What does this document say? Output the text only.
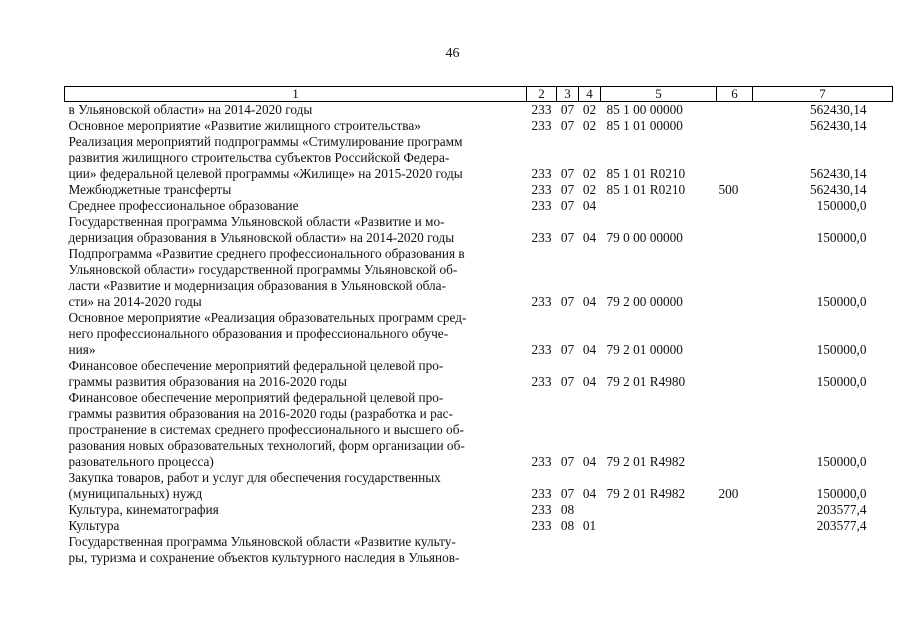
46
1	2	3	4	5	6	7

в Ульяновской области» на 2014-2020 годы	233	07	02	85 1 00 00000		562430,14

Основное мероприятие «Развитие жилищного строительства»	233	07	02	85 1 01 00000		562430,14

Реализация мероприятий подпрограммы «Стимулирование программ
развития жилищного строительства субъектов Российской Федера-
ции» федеральной целевой программы «Жилище» на 2015-2020 годы	233	07	02	85 1 01 R0210		562430,14

Межбюджетные трансферты	233	07	02	85 1 01 R0210	500	562430,14

Среднее профессиональное образование	233	07	04			150000,0

Государственная программа Ульяновской области «Развитие и мо-
дернизация образования в Ульяновской области» на 2014-2020 годы	233	07	04	79 0 00 00000		150000,0

Подпрограмма «Развитие среднего профессионального образования в
Ульяновской области» государственной программы Ульяновской об-
ласти «Развитие и модернизация образования в Ульяновской обла-
сти» на 2014-2020 годы	233	07	04	79 2 00 00000		150000,0

Основное мероприятие «Реализация образовательных программ сред-
него профессионального образования и профессионального обуче-
ния»	233	07	04	79 2 01 00000		150000,0

Финансовое обеспечение мероприятий федеральной целевой про-
граммы развития образования на 2016-2020 годы	233	07	04	79 2 01 R4980		150000,0

Финансовое обеспечение мероприятий федеральной целевой про-
граммы развития образования на 2016-2020 годы (разработка и рас-
пространение в системах среднего профессионального и высшего об-
разования новых образовательных технологий, форм организации об-
разовательного процесса)	233	07	04	79 2 01 R4982		150000,0

Закупка товаров, работ и услуг для обеспечения государственных
(муниципальных) нужд	233	07	04	79 2 01 R4982	200	150000,0

Культура, кинематография	233	08				203577,4

Культура	233	08	01			203577,4

Государственная программа Ульяновской области «Развитие культу-
ры, туризма и сохранение объектов культурного наследия в Ульянов-						
